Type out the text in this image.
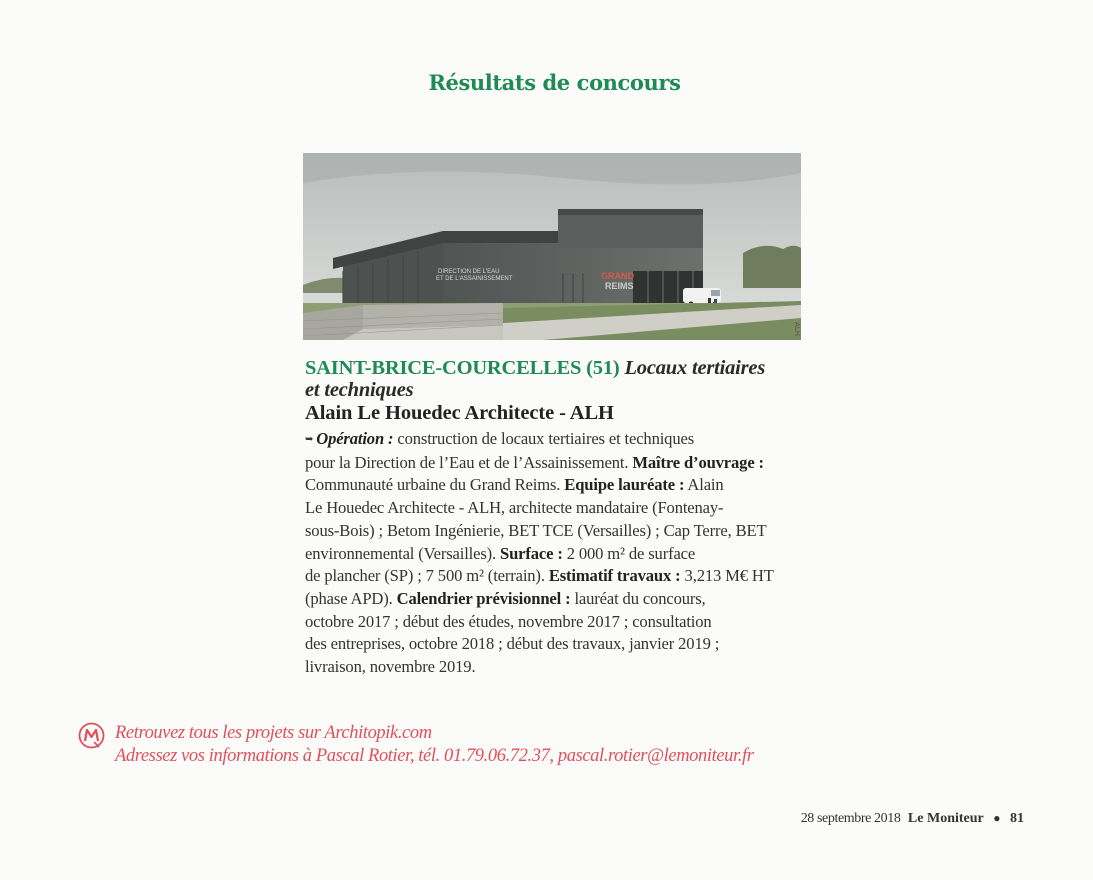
Résultats de concours
DIRECTION DE L'EAU
ET DE L'ASSAINISSEMENT	GRAND
REIMS
ALH
SAINT-BRICE-COURCELLES (51) Locaux tertiaires
et techniques
Alain Le Houedec Architecte - ALH
➥ Opération : construction de locaux tertiaires et techniques
pour la Direction de l’Eau et de l’Assainissement. Maître d’ouvrage :
Communauté urbaine du Grand Reims. Equipe lauréate : Alain
Le Houedec Architecte - ALH, architecte mandataire (Fontenay-
sous-Bois) ; Betom Ingénierie, BET TCE (Versailles) ; Cap Terre, BET
environnemental (Versailles). Surface : 2 000 m² de surface
de plancher (SP) ; 7 500 m² (terrain). Estimatif travaux : 3,213 M€ HT
(phase APD). Calendrier prévisionnel : lauréat du concours,
octobre 2017 ; début des études, novembre 2017 ; consultation
des entreprises, octobre 2018 ; début des travaux, janvier 2019 ;
livraison, novembre 2019.
Retrouvez tous les projets sur Architopik.com
Adressez vos informations à Pascal Rotier, tél. 01.79.06.72.37, pascal.rotier@lemoniteur.fr
28 septembre 2018 Le Moniteur ● 81
